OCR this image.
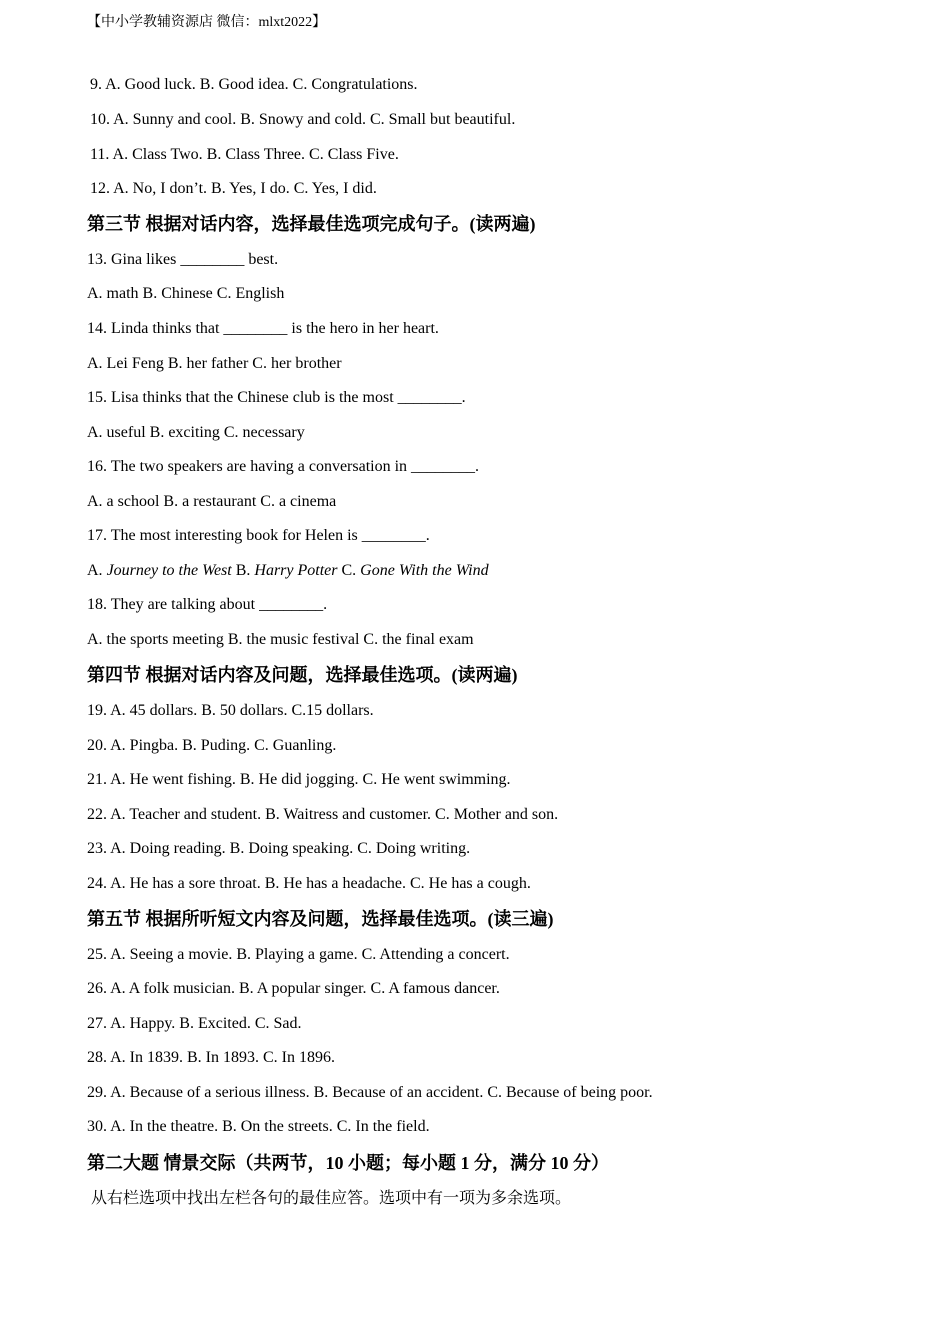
【中小学教辅资源店 微信：mlxt2022】
9. A. Good luck. B. Good idea. C. Congratulations.
10. A. Sunny and cool. B. Snowy and cold. C. Small but beautiful.
11. A. Class Two. B. Class Three. C. Class Five.
12. A. No, I don’t. B. Yes, I do. C. Yes, I did.
第三节 根据对话内容，选择最佳选项完成句子。(读两遍)
13. Gina likes ________ best.
A. math B. Chinese C. English
14. Linda thinks that ________ is the hero in her heart.
A. Lei Feng B. her father C. her brother
15. Lisa thinks that the Chinese club is the most ________.
A. useful B. exciting C. necessary
16. The two speakers are having a conversation in ________.
A. a school B. a restaurant C. a cinema
17. The most interesting book for Helen is ________.
A. Journey to the West B. Harry Potter C. Gone With the Wind
18. They are talking about ________.
A. the sports meeting B. the music festival C. the final exam
第四节 根据对话内容及问题，选择最佳选项。(读两遍)
19. A. 45 dollars. B. 50 dollars. C.15 dollars.
20. A. Pingba. B. Puding. C. Guanling.
21. A. He went fishing. B. He did jogging. C. He went swimming.
22. A. Teacher and student. B. Waitress and customer. C. Mother and son.
23. A. Doing reading. B. Doing speaking. C. Doing writing.
24. A. He has a sore throat. B. He has a headache. C. He has a cough.
第五节 根据所听短文内容及问题，选择最佳选项。(读三遍)
25. A. Seeing a movie. B. Playing a game. C. Attending a concert.
26. A. A folk musician. B. A popular singer. C. A famous dancer.
27. A. Happy. B. Excited. C. Sad.
28. A. In 1839. B. In 1893. C. In 1896.
29. A. Because of a serious illness. B. Because of an accident. C. Because of being poor.
30. A. In the theatre. B. On the streets. C. In the field.
第二大题 情景交际（共两节，10 小题；每小题 1 分，满分 10 分）
从右栏选项中找出左栏各句的最佳应答。选项中有一项为多余选项。
